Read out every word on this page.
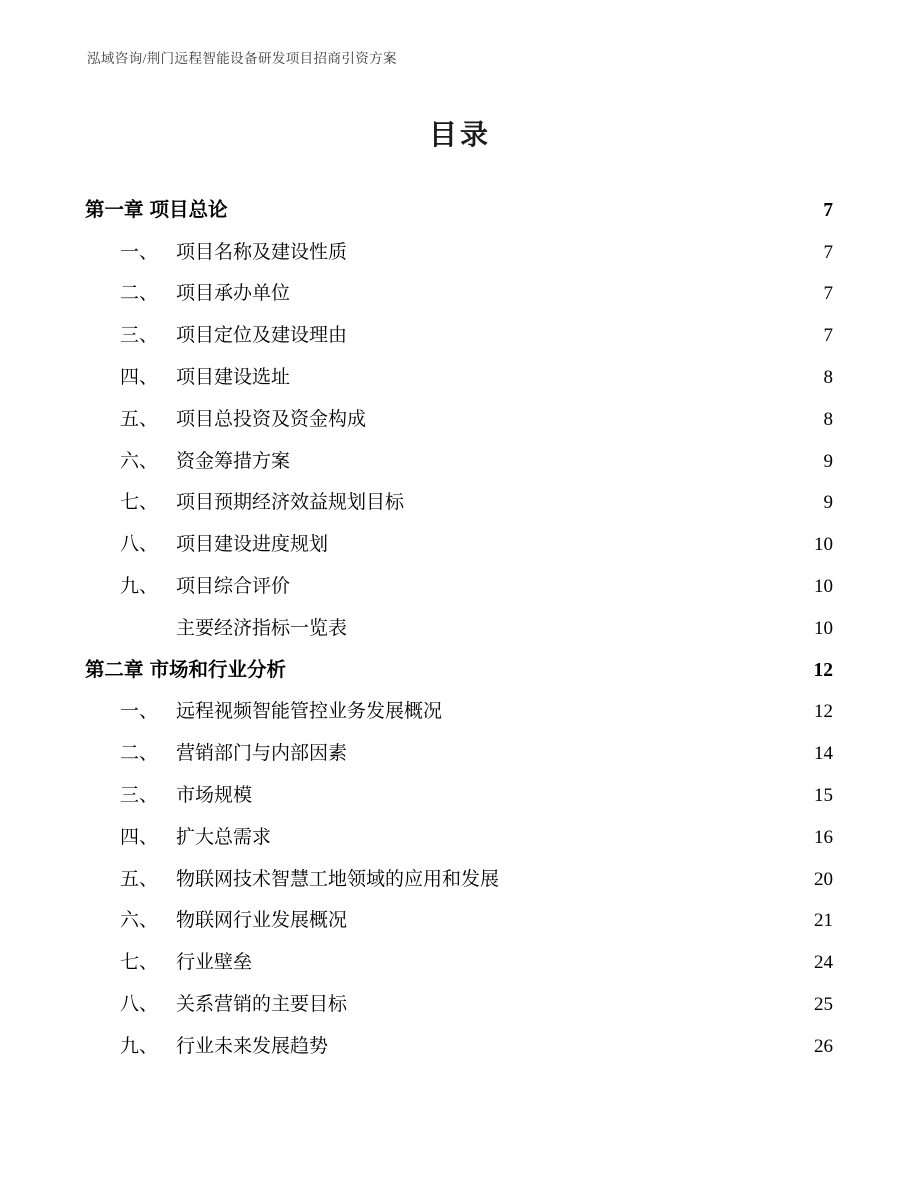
泓域咨询/荆门远程智能设备研发项目招商引资方案
目录
第一章 项目总论 .....	7
一、 项目名称及建设性质 .....	7
二、 项目承办单位 .....	7
三、 项目定位及建设理由 .....	7
四、 项目建设选址 .....	8
五、 项目总投资及资金构成 .....	8
六、 资金筹措方案 .....	9
七、 项目预期经济效益规划目标 .....	9
八、 项目建设进度规划 .....	10
九、 项目综合评价 .....	10
主要经济指标一览表 .....	10
第二章 市场和行业分析 .....	12
一、 远程视频智能管控业务发展概况 .....	12
二、 营销部门与内部因素 .....	14
三、 市场规模 .....	15
四、 扩大总需求 .....	16
五、 物联网技术智慧工地领域的应用和发展 .....	20
六、 物联网行业发展概况 .....	21
七、 行业壁垒 .....	24
八、 关系营销的主要目标 .....	25
九、 行业未来发展趋势 .....	26
